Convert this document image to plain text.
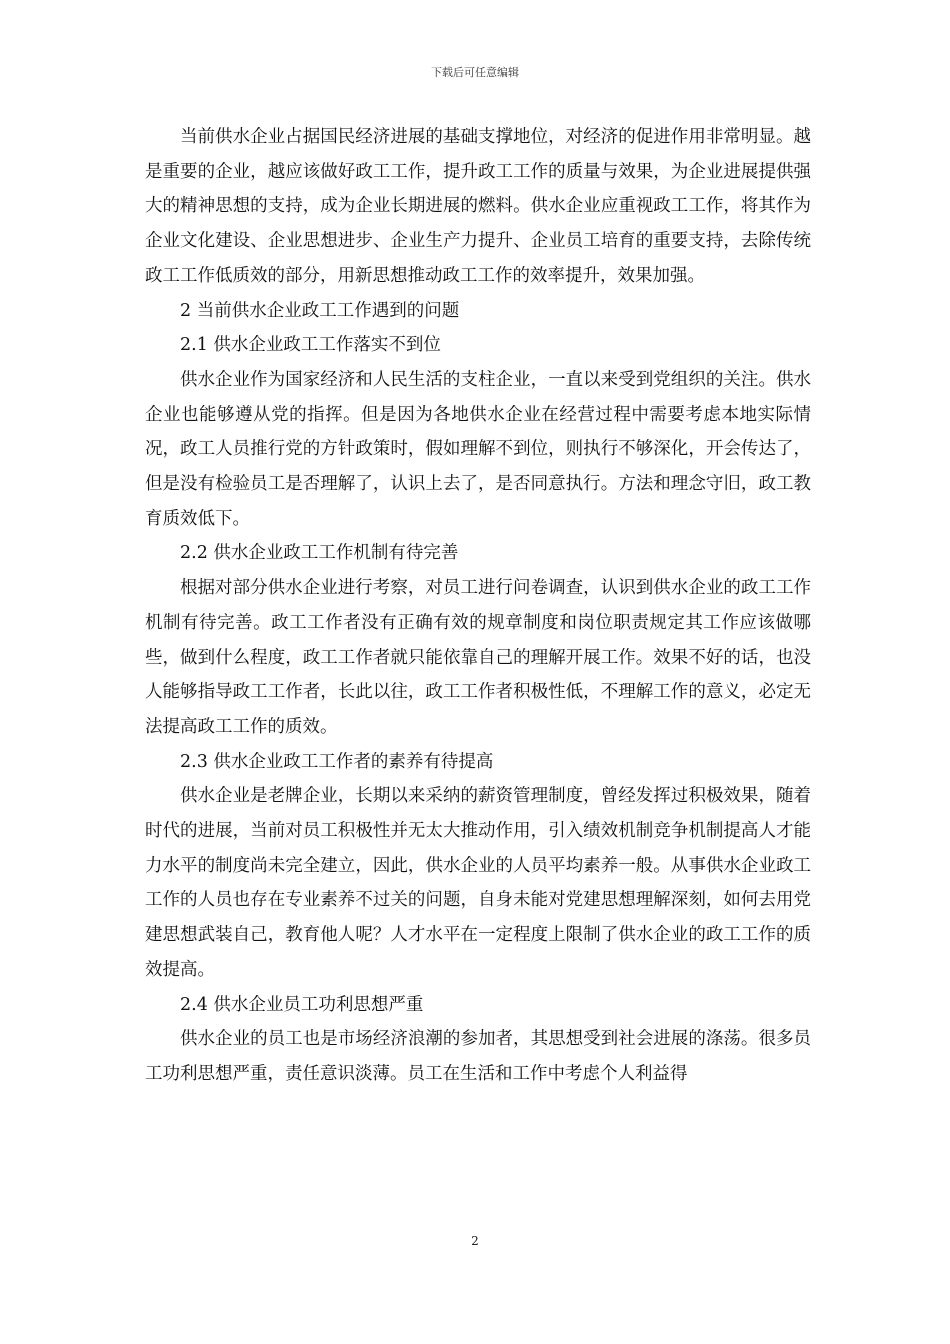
下载后可任意编辑

当前供水企业占据国民经济进展的基础支撑地位，对经济的促进作用非常明显。越是重要的企业，越应该做好政工工作，提升政工工作的质量与效果，为企业进展提供强大的精神思想的支持，成为企业长期进展的燃料。供水企业应重视政工工作，将其作为企业文化建设、企业思想进步、企业生产力提升、企业员工培育的重要支持，去除传统政工工作低质效的部分，用新思想推动政工工作的效率提升，效果加强。

2 当前供水企业政工工作遇到的问题

2.1 供水企业政工工作落实不到位

供水企业作为国家经济和人民生活的支柱企业，一直以来受到党组织的关注。供水企业也能够遵从党的指挥。但是因为各地供水企业在经营过程中需要考虑本地实际情况，政工人员推行党的方针政策时，假如理解不到位，则执行不够深化，开会传达了，但是没有检验员工是否理解了，认识上去了，是否同意执行。方法和理念守旧，政工教育质效低下。

2.2 供水企业政工工作机制有待完善

根据对部分供水企业进行考察，对员工进行问卷调查，认识到供水企业的政工工作机制有待完善。政工工作者没有正确有效的规章制度和岗位职责规定其工作应该做哪些，做到什么程度，政工工作者就只能依靠自己的理解开展工作。效果不好的话，也没人能够指导政工工作者，长此以往，政工工作者积极性低，不理解工作的意义，必定无法提高政工工作的质效。

2.3 供水企业政工工作者的素养有待提高

供水企业是老牌企业，长期以来采纳的薪资管理制度，曾经发挥过积极效果，随着时代的进展，当前对员工积极性并无太大推动作用，引入绩效机制竞争机制提高人才能力水平的制度尚未完全建立，因此，供水企业的人员平均素养一般。从事供水企业政工工作的人员也存在专业素养不过关的问题，自身未能对党建思想理解深刻，如何去用党建思想武装自己，教育他人呢？人才水平在一定程度上限制了供水企业的政工工作的质效提高。

2.4 供水企业员工功利思想严重

供水企业的员工也是市场经济浪潮的参加者，其思想受到社会进展的涤荡。很多员工功利思想严重，责任意识淡薄。员工在生活和工作中考虑个人利益得

2
